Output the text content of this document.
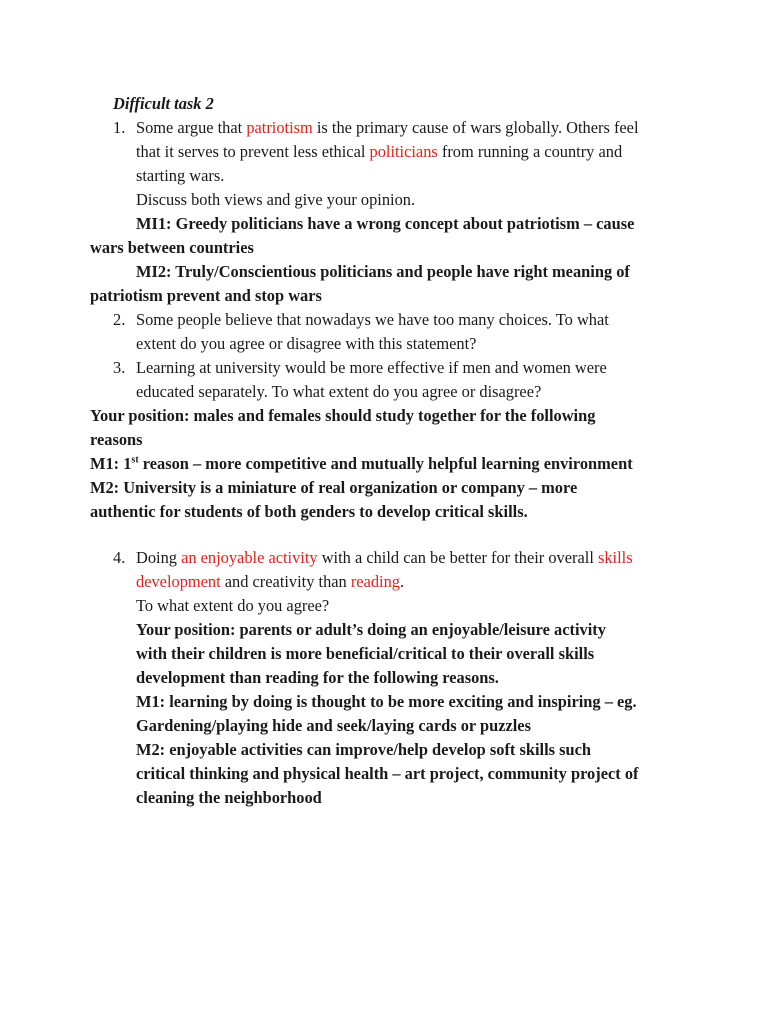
Difficult task 2
1. Some argue that patriotism is the primary cause of wars globally. Others feel
that it serves to prevent less ethical politicians from running a country and
starting wars.
Discuss both views and give your opinion.
MI1: Greedy politicians have a wrong concept about patriotism – cause
wars between countries
MI2: Truly/Conscientious politicians and people have right meaning of
patriotism prevent and stop wars
2. Some people believe that nowadays we have too many choices. To what
extent do you agree or disagree with this statement?
3. Learning at university would be more effective if men and women were
educated separately. To what extent do you agree or disagree?
Your position: males and females should study together for the following
reasons
M1: 1st reason – more competitive and mutually helpful learning environment
M2: University is a miniature of real organization or company – more
authentic for students of both genders to develop critical skills.
4. Doing an enjoyable activity with a child can be better for their overall skills
development and creativity than reading.
To what extent do you agree?
Your position: parents or adult’s doing an enjoyable/leisure activity
with their children is more beneficial/critical to their overall skills
development than reading for the following reasons.
M1: learning by doing is thought to be more exciting and inspiring – eg.
Gardening/playing hide and seek/laying cards or puzzles
M2: enjoyable activities can improve/help develop soft skills such
critical thinking and physical health – art project, community project of
cleaning the neighborhood
